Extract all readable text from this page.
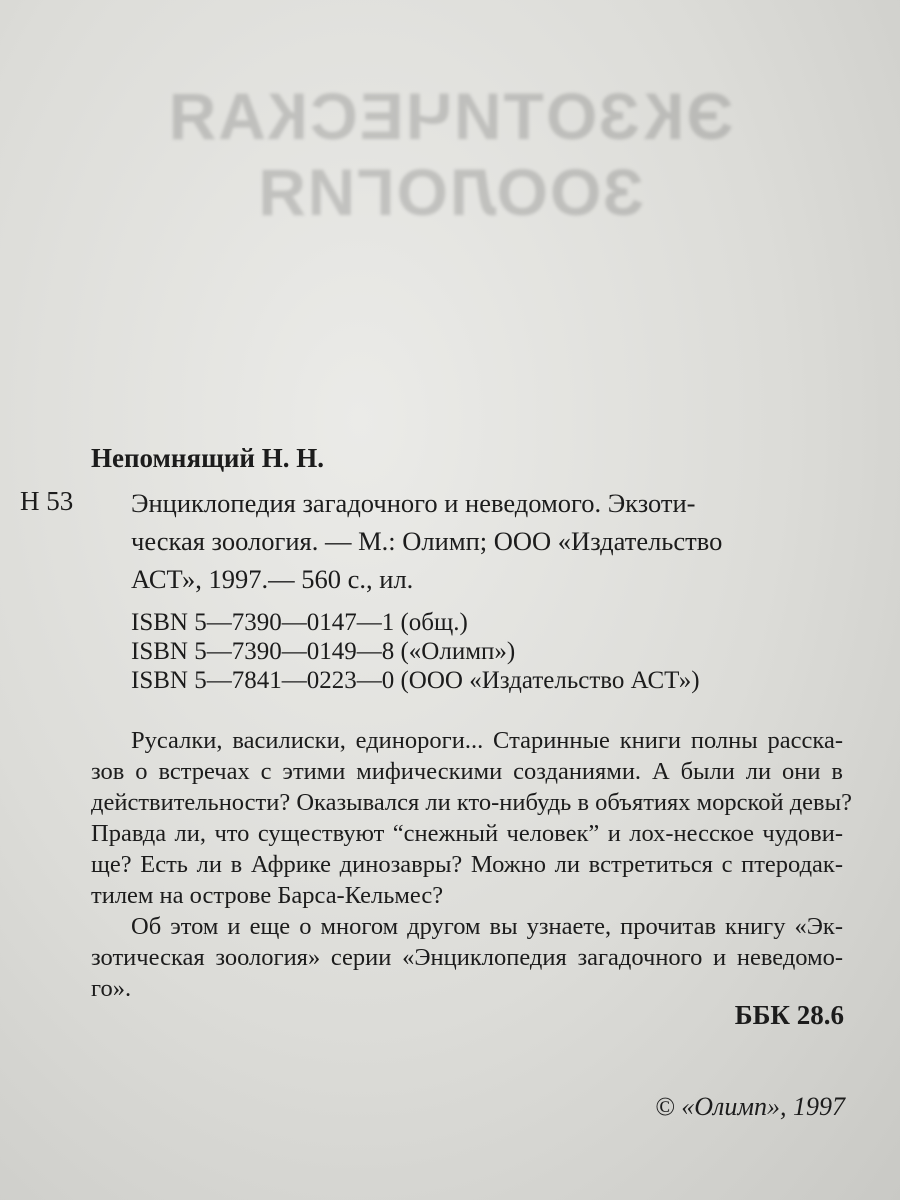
ЭКЗОТИЧЕСКАЯ
ЗООЛОГИЯ
Непомнящий Н. Н.
Н 53 Энциклопедия загадочного и неведомого. Экзоти-
ческая зоология. — М.: Олимп; ООО «Издательство
АСТ», 1997.— 560 с., ил.
ISBN 5—7390—0147—1 (общ.)
ISBN 5—7390—0149—8 («Олимп»)
ISBN 5—7841—0223—0 (ООО «Издательство АСТ»)
Русалки, василиски, единороги... Старинные книги полны расска-
зов о встречах с этими мифическими созданиями. А были ли они в
действительности? Оказывался ли кто-нибудь в объятиях морской девы?
Правда ли, что существуют “снежный человек” и лох-несское чудови-
ще? Есть ли в Африке динозавры? Можно ли встретиться с птеродак-
тилем на острове Барса-Кельмес?
Об этом и еще о многом другом вы узнаете, прочитав книгу «Эк-
зотическая зоология» серии «Энциклопедия загадочного и неведомо-
го».
ББК 28.6
© «Олимп», 1997
